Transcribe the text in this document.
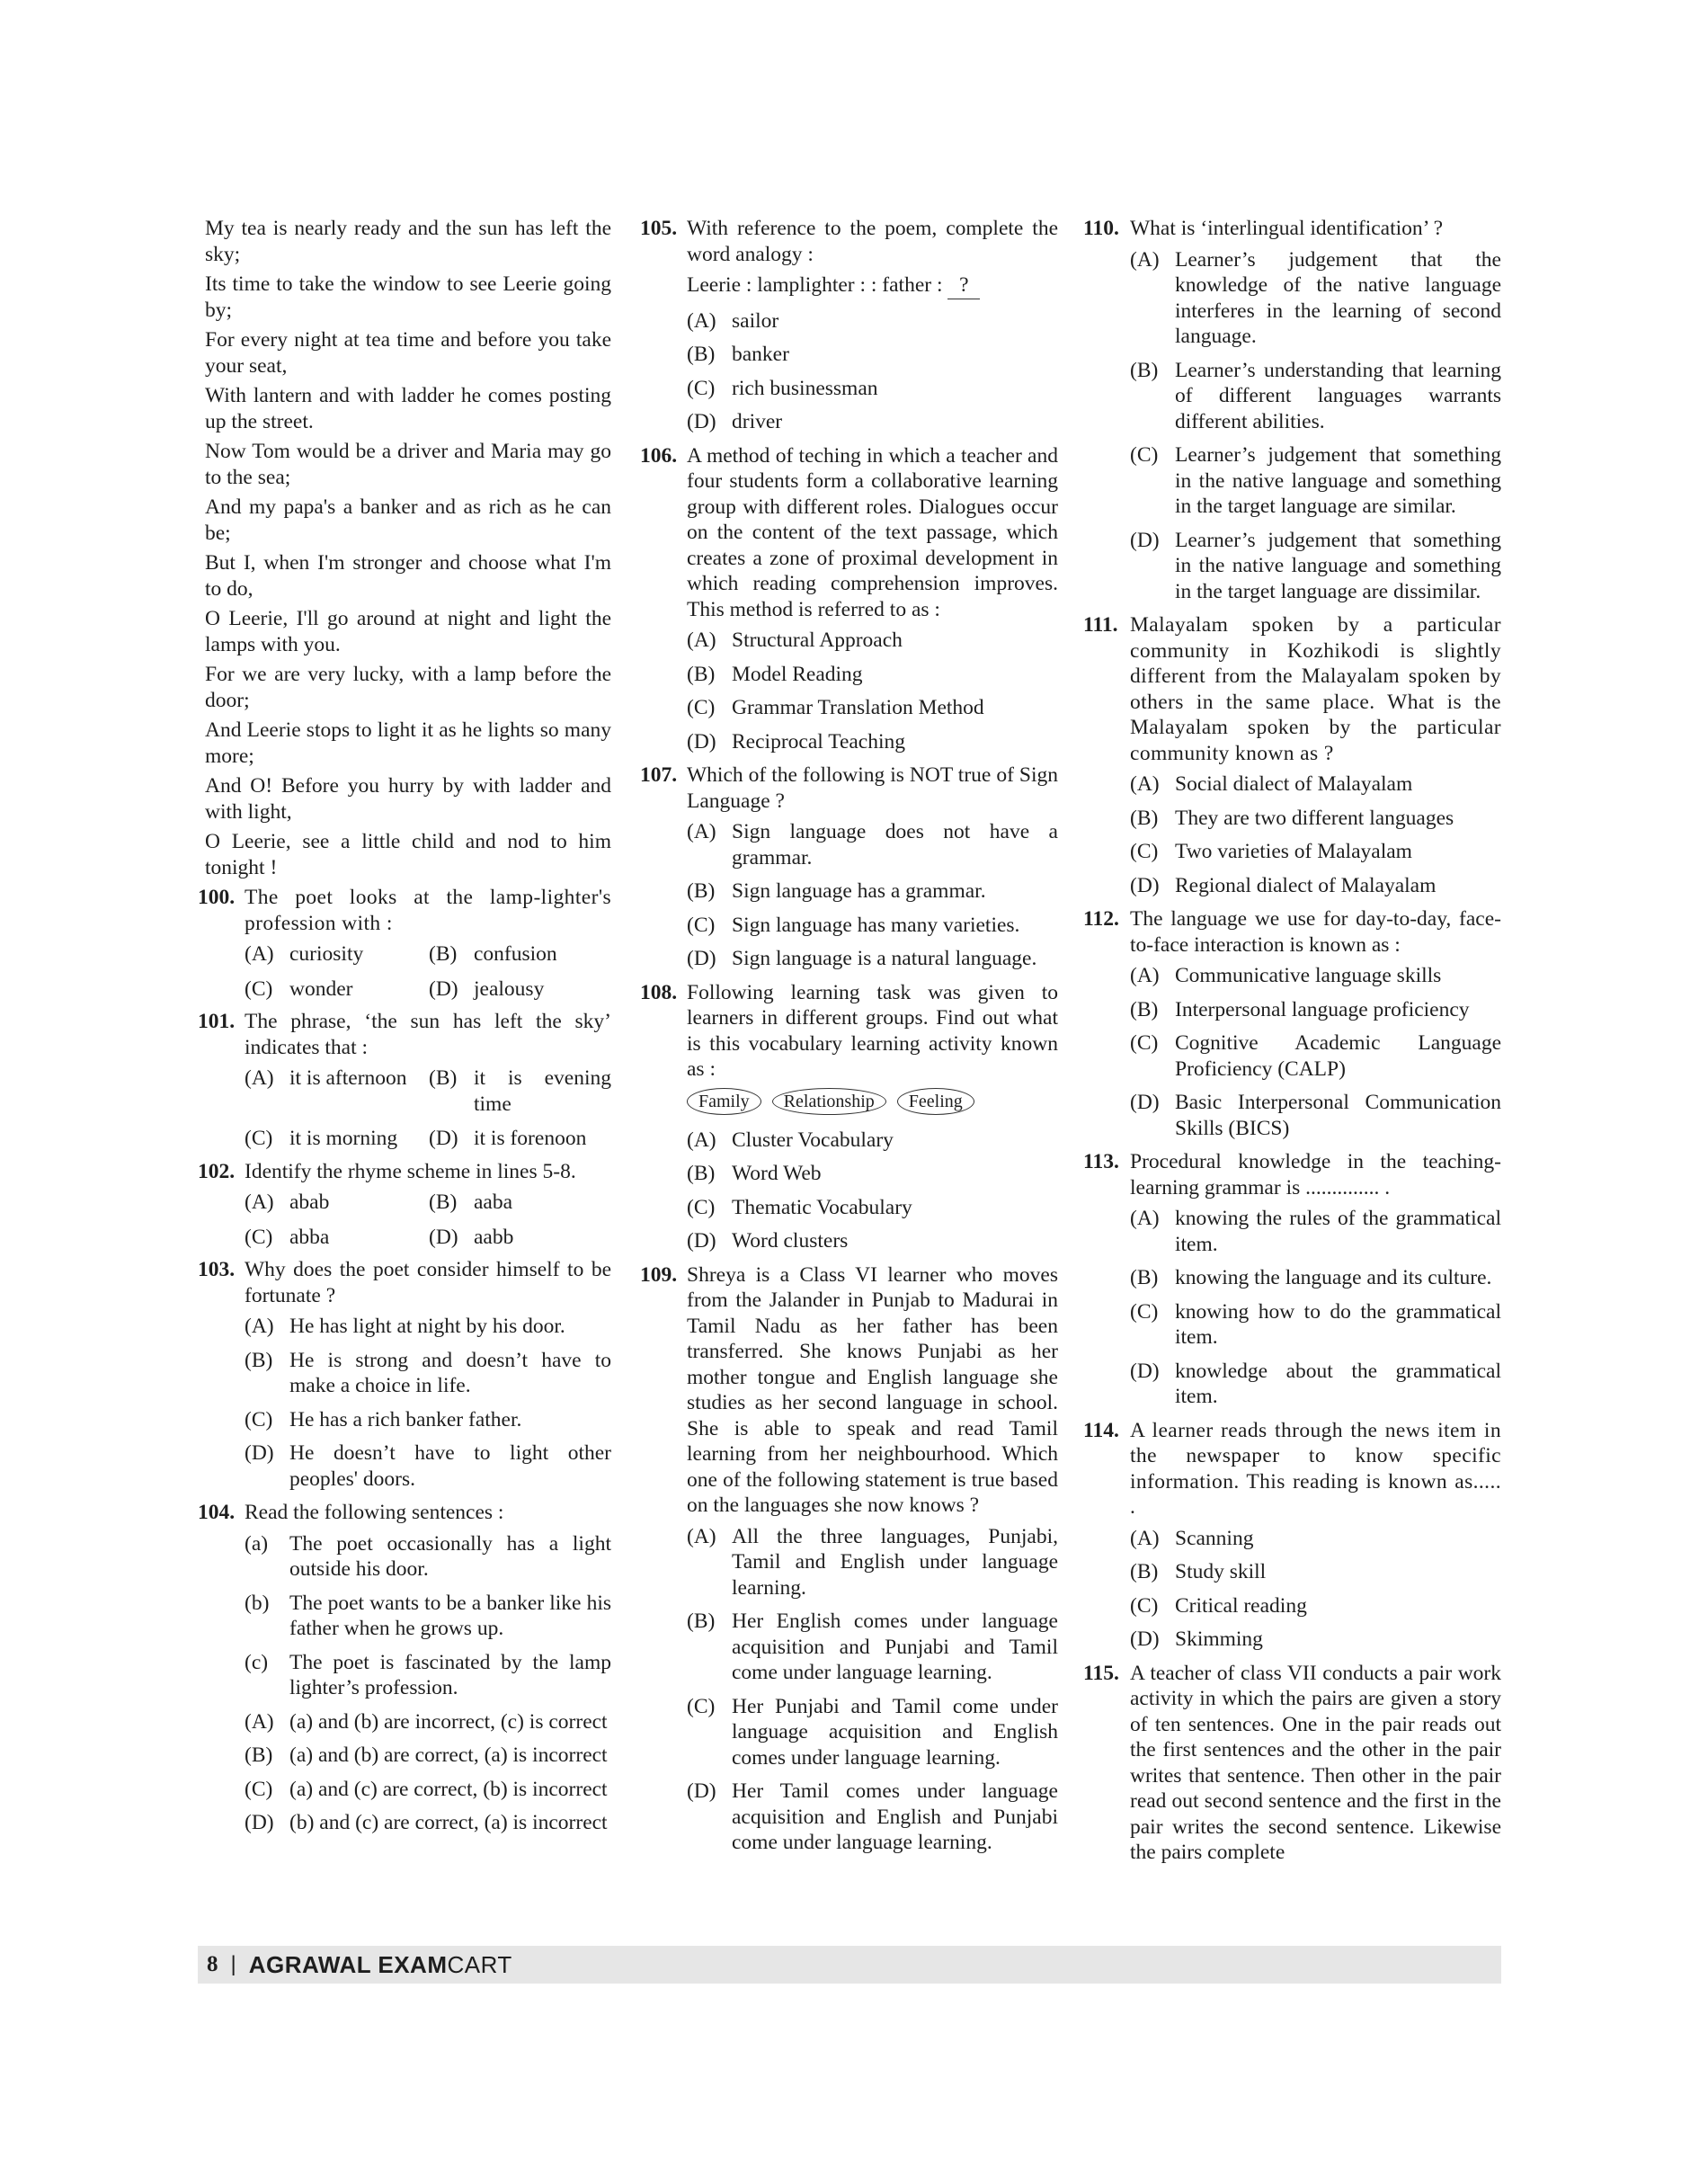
My tea is nearly ready and the sun has left the sky;
Its time to take the window to see Leerie going by;
For every night at tea time and before you take your seat,
With lantern and with ladder he comes posting up the street.
Now Tom would be a driver and Maria may go to the sea;
And my papa's a banker and as rich as he can be;
But I, when I'm stronger and choose what I'm to do,
O Leerie, I'll go around at night and light the lamps with you.
For we are very lucky, with a lamp before the door;
And Leerie stops to light it as he lights so many more;
And O! Before you hurry by with ladder and with light,
O Leerie, see a little child and nod to him tonight !
100. The poet looks at the lamp-lighter's profession with :
(A) curiosity	(B) confusion
(C) wonder	(D) jealousy
101. The phrase, ‘the sun has left the sky’ indicates that :
(A) it is afternoon	(B) it is evening time
(C) it is morning	(D) it is forenoon
102. Identify the rhyme scheme in lines 5-8.
(A) abab	(B) aaba
(C) abba	(D) aabb
103. Why does the poet consider himself to be fortunate ?
(A) He has light at night by his door.
(B) He is strong and doesn’t have to make a choice in life.
(C) He has a rich banker father.
(D) He doesn’t have to light other peoples' doors.
104. Read the following sentences :
(a)	The poet occasionally has a light outside his door.
(b) The poet wants to be a banker like his father when he grows up.
(c)	The poet is fascinated by the lamp lighter’s profession.
(A) (a) and (b) are incorrect, (c) is correct
(B) (a) and (b) are correct, (a) is incorrect
(C) (a) and (c) are correct, (b) is incorrect
(D) (b) and (c) are correct, (a) is incorrect
105. With reference to the poem, complete the word analogy :
Leerie : lamplighter : : father : ?
(A) sailor
(B) banker
(C) rich businessman
(D) driver
106. A method of teching in which a teacher and four students form a collaborative learning group with different roles. Dialogues occur on the content of the text passage, which creates a zone of proximal development in which reading comprehension improves. This method is referred to as :
(A) Structural Approach
(B) Model Reading
(C) Grammar Translation Method
(D) Reciprocal Teaching
107. Which of the following is NOT true of Sign Language ?
(A) Sign language does not have a grammar.
(B) Sign language has a grammar.
(C) Sign language has many varieties.
(D) Sign language is a natural language.
108. Following learning task was given to learners in different groups. Find out what is this vocabulary learning activity known as :
Family	Relationship	Feeling
(A) Cluster Vocabulary
(B) Word Web
(C) Thematic Vocabulary
(D) Word clusters
109. Shreya is a Class VI learner who moves from the Jalander in Punjab to Madurai in Tamil Nadu as her father has been transferred. She knows Punjabi as her mother tongue and English language she studies as her second language in school. She is able to speak and read Tamil learning from her neighbourhood. Which one of the following statement is true based on the languages she now knows ?
(A) All the three languages, Punjabi, Tamil and English under language learning.
(B) Her English comes under language acquisition and Punjabi and Tamil come under language learning.
(C) Her Punjabi and Tamil come under language acquisition and English comes under language learning.
(D) Her Tamil comes under language acquisition and English and Punjabi come under language learning.
110. What is ‘interlingual identification’ ?
(A) Learner’s judgement that the knowledge of the native language interferes in the learning of second language.
(B) Learner’s understanding that learning of different languages warrants different abilities.
(C) Learner’s judgement that something in the native language and something in the target language are similar.
(D) Learner’s judgement that something in the native language and something in the target language are dissimilar.
111. Malayalam spoken by a particular community in Kozhikodi is slightly different from the Malayalam spoken by others in the same place. What is the Malayalam spoken by the particular community known as ?
(A) Social dialect of Malayalam
(B) They are two different languages
(C) Two varieties of Malayalam
(D) Regional dialect of Malayalam
112. The language we use for day-to-day, face-to-face interaction is known as :
(A) Communicative language skills
(B) Interpersonal language proficiency
(C) Cognitive Academic Language Proficiency (CALP)
(D) Basic Interpersonal Communication Skills (BICS)
113. Procedural knowledge in the teaching-learning grammar is .............. .
(A) knowing the rules of the grammatical item.
(B) knowing the language and its culture.
(C) knowing how to do the grammatical item.
(D) knowledge about the grammatical item.
114. A learner reads through the news item in the newspaper to know specific information. This reading is known as..... .
(A) Scanning
(B) Study skill
(C) Critical reading
(D) Skimming
115. A teacher of class VII conducts a pair work activity in which the pairs are given a story of ten sentences. One in the pair reads out the first sentences and the other in the pair writes that sentence. Then other in the pair read out second sentence and the first in the pair writes the second sentence. Likewise the pairs complete
8 | AGRAWAL EXAMCART
